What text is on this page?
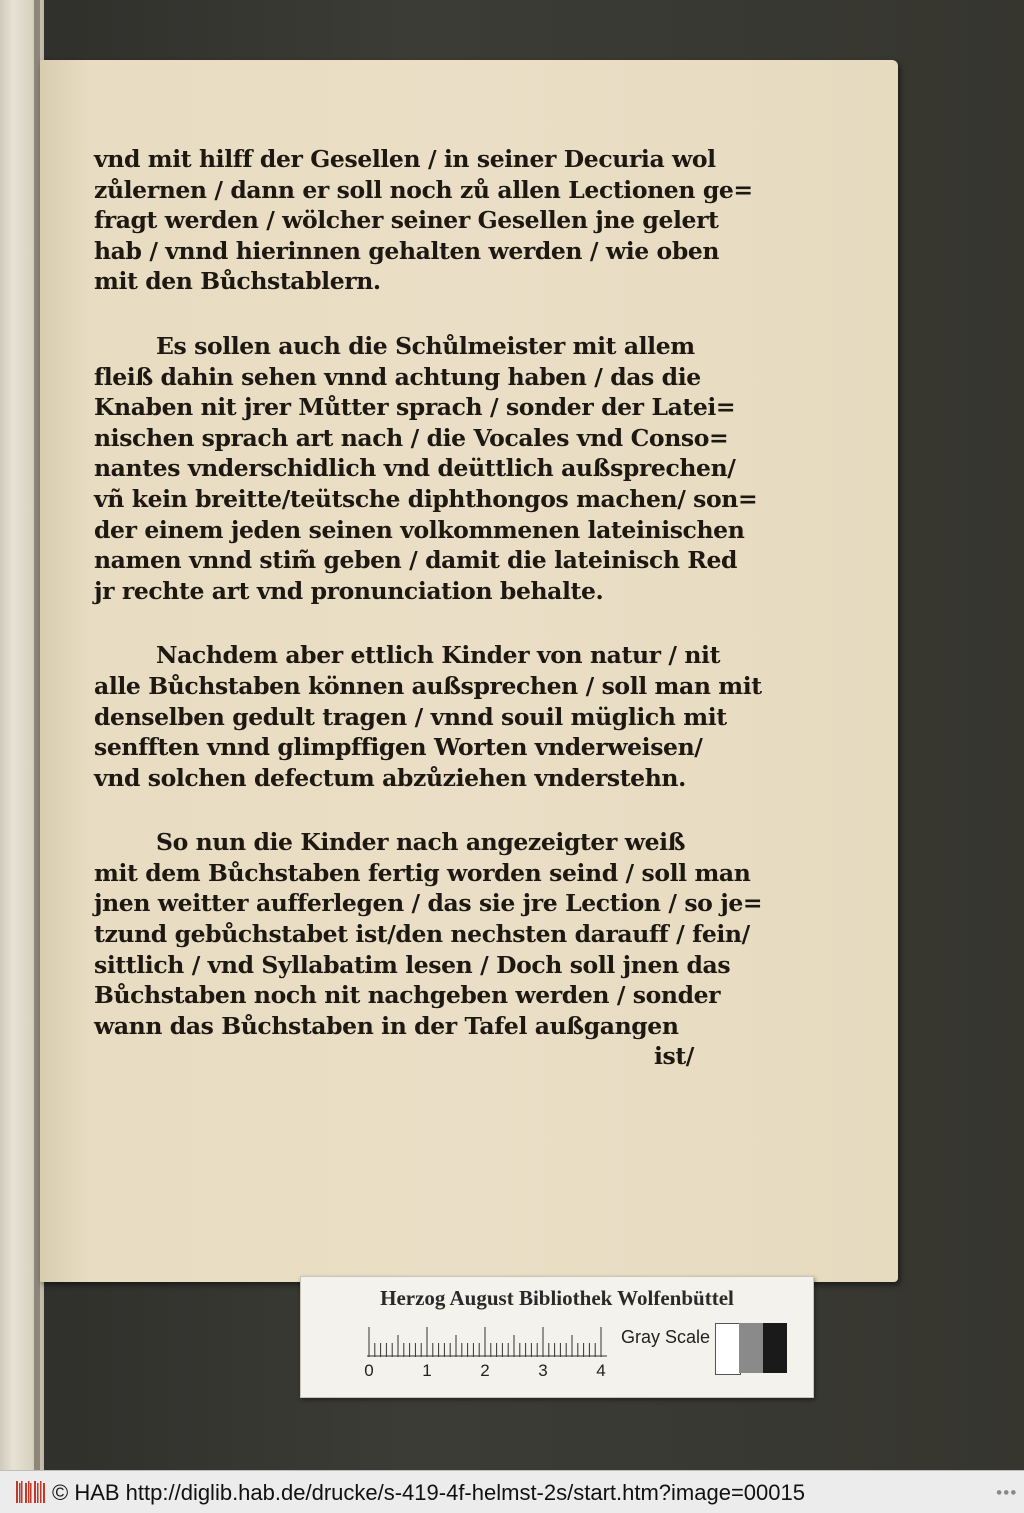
vnd mit hilff der Gesellen / in seiner Decuria wol
zůlernen / dann er soll noch zů allen Lectionen ge=
fragt werden / wölcher seiner Gesellen jne gelert
hab / vnnd hierinnen gehalten werden / wie oben
mit den Bůchstablern.
Es sollen auch die Schůlmeister mit allem
fleiß dahin sehen vnnd achtung haben / das die
Knaben nit jrer Můtter sprach / sonder der Latei=
nischen sprach art nach / die Vocales vnd Conso=
nantes vnderschidlich vnd deüttlich außsprechen/
vñ kein breitte/teütsche diphthongos machen/ son=
der einem jeden seinen volkommenen lateinischen
namen vnnd stim̃ geben / damit die lateinisch Red
jr rechte art vnd pronunciation behalte.
Nachdem aber ettlich Kinder von natur / nit
alle Bůchstaben können außsprechen / soll man mit
denselben gedult tragen / vnnd souil müglich mit
senfften vnnd glimpffigen Worten vnderweisen/
vnd solchen defectum abzůziehen vnderstehn.
So nun die Kinder nach angezeigter weiß
mit dem Bůchstaben fertig worden seind / soll man
jnen weitter aufferlegen / das sie jre Lection / so je=
tzund gebůchstabet ist/den nechsten darauff / fein/
sittlich / vnd Syllabatim lesen / Doch soll jnen das
Bůchstaben noch nit nachgeben werden / sonder
wann das Bůchstaben in der Tafel außgangen
ist/
Herzog August Bibliothek Wolfenbüttel
0	1	2	3	4
Gray Scale
© HAB http://diglib.hab.de/drucke/s-419-4f-helmst-2s/start.htm?image=00015	● ● ●
